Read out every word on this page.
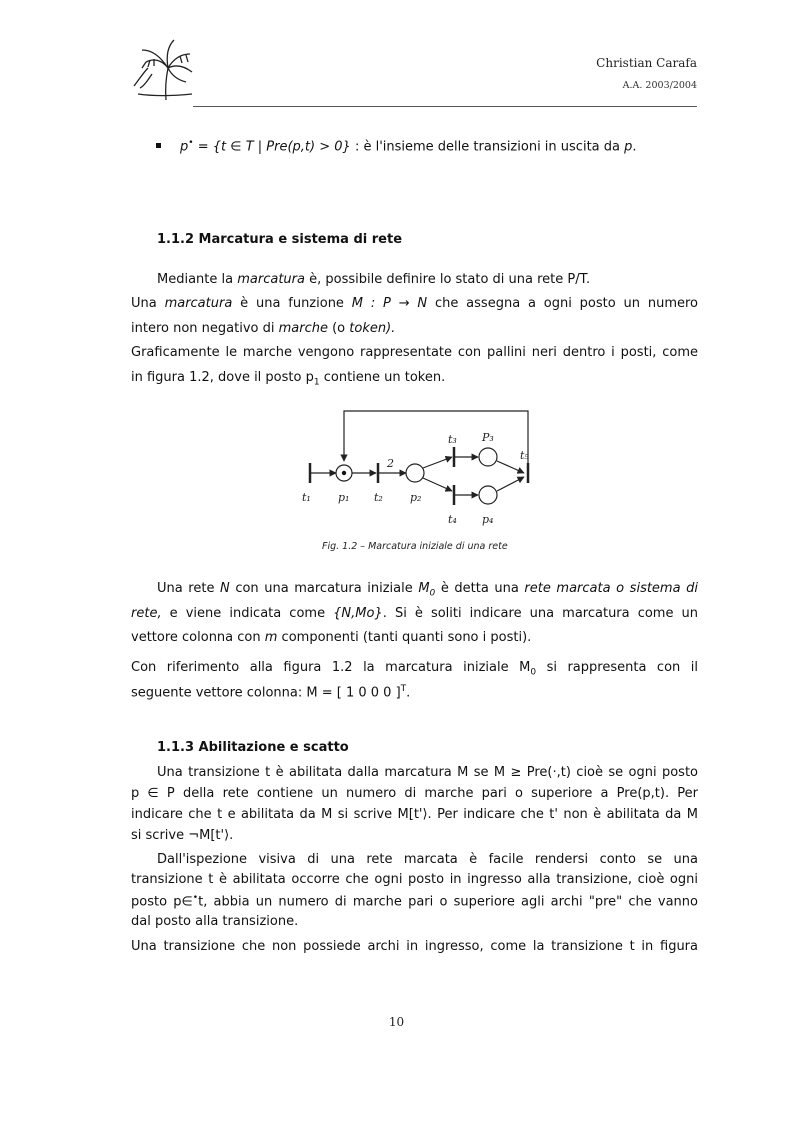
Christian Carafa
A.A. 2003/2004
p• = {t ∈ T | Pre(p,t) > 0} : è l'insieme delle transizioni in uscita da p.
1.1.2 Marcatura e sistema di rete
Mediante la marcatura è, possibile definire lo stato di una rete P/T.
Una marcatura è una funzione M : P → N che assegna a ogni posto un numero
intero non negativo di marche (o token).
Graficamente le marche vengono rappresentate con pallini neri dentro i posti, come
in figura 1.2, dove il posto $p_1$ contiene un token.
t₁ p₁ t₂
2
p₂
t₃ P₃
t₄ p₄
t₅
Fig. 1.2 – Marcatura iniziale di una rete
Una rete N con una marcatura iniziale $M_0$ è detta una rete marcata o sistema di
rete, e viene indicata come {N,Mo}. Si è soliti indicare una marcatura come un
vettore colonna con m componenti (tanti quanti sono i posti).
Con riferimento alla figura 1.2 la marcatura iniziale $M_0$ si rappresenta con il
seguente vettore colonna: M = [ 1 0 0 0 ]$^T$.
1.1.3 Abilitazione e scatto
Una transizione t è abilitata dalla marcatura M se M ≥ Pre(·,t) cioè se ogni posto
p ∈ P della rete contiene un numero di marche pari o superiore a Pre(p,t). Per
indicare che t e abilitata da M si scrive M[t'⟩. Per indicare che t' non è abilitata da M
si scrive ¬M[t'⟩.
Dall'ispezione visiva di una rete marcata è facile rendersi conto se una
transizione t è abilitata occorre che ogni posto in ingresso alla transizione, cioè ogni
posto p∈•t, abbia un numero di marche pari o superiore agli archi "pre" che vanno
dal posto alla transizione.
Una transizione che non possiede archi in ingresso, come la transizione t in figura
10
